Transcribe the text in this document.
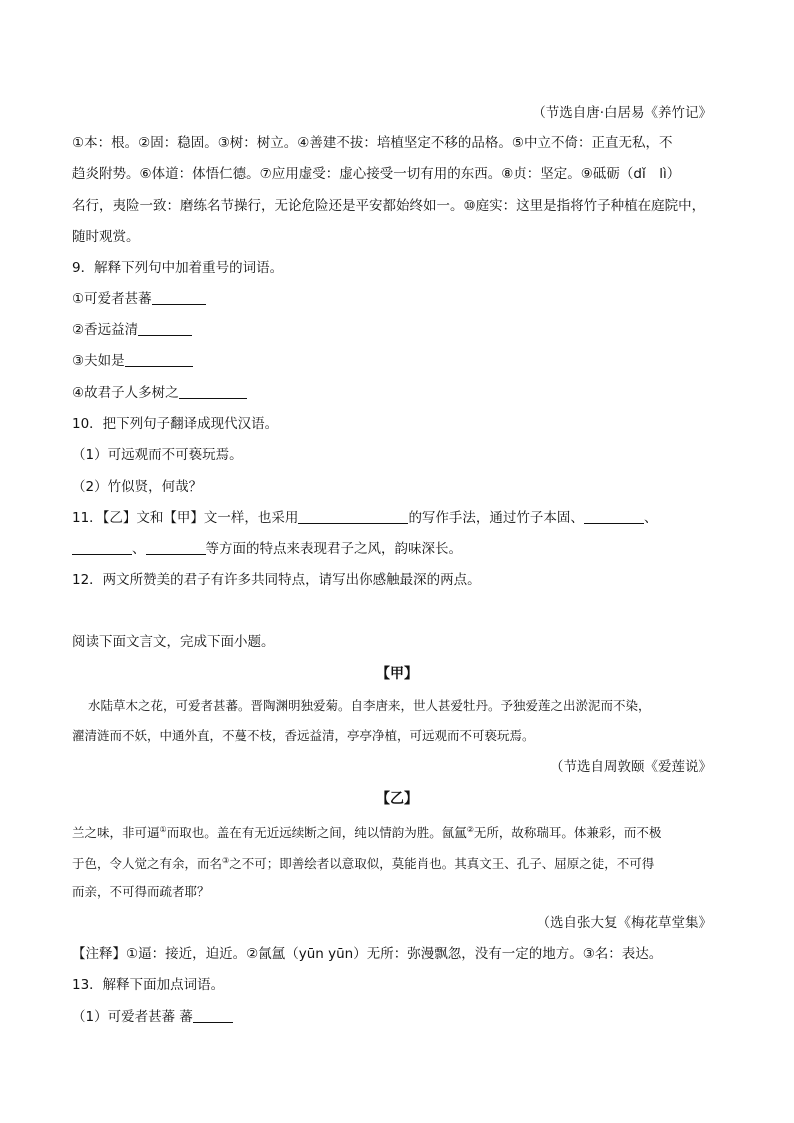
（节选自唐·白居易《养竹记》
①本：根。②固：稳固。③树：树立。④善建不拔：培植坚定不移的品格。⑤中立不倚：正直无私，不
趋炎附势。⑥体道：体悟仁德。⑦应用虚受：虚心接受一切有用的东西。⑧贞：坚定。⑨砥砺（dǐ　lì）
名行，夷险一致：磨练名节操行，无论危险还是平安都始终如一。⑩庭实：这里是指将竹子种植在庭院中，
随时观赏。
9．解释下列句中加着重号的词语。
①可爱者甚蕃
②香远益清
③夫如是
④故君子人多树之
10．把下列句子翻译成现代汉语。
（1）可远观而不可亵玩焉。
（2）竹似贤，何哉？
11．【乙】文和【甲】文一样，也采用	的写作手法，通过竹子本固、	、
、	等方面的特点来表现君子之风，韵味深长。
12．两文所赞美的君子有许多共同特点，请写出你感触最深的两点。
阅读下面文言文，完成下面小题。
【甲】
水陆草木之花，可爱者甚蕃。晋陶渊明独爱菊。自李唐来，世人甚爱牡丹。予独爱莲之出淤泥而不染，
濯清涟而不妖，中通外直，不蔓不枝，香远益清，亭亭净植，可远观而不可亵玩焉。
（节选自周敦颐《爱莲说》
【乙】
兰之味，非可逼①而取也。盖在有无近远续断之间，纯以情韵为胜。氤氲②无所，故称瑞耳。体兼彩，而不极
于色，令人觉之有余，而名③之不可；即善绘者以意取似，莫能肖也。其真文王、孔子、屈原之徒，不可得
而亲，不可得而疏者耶？
（选自张大复《梅花草堂集》
【注释】①逼：接近，迫近。②氤氲（yūn yūn）无所：弥漫飘忽，没有一定的地方。③名：表达。
13．解释下面加点词语。
（1）可爱者甚蕃 蕃
